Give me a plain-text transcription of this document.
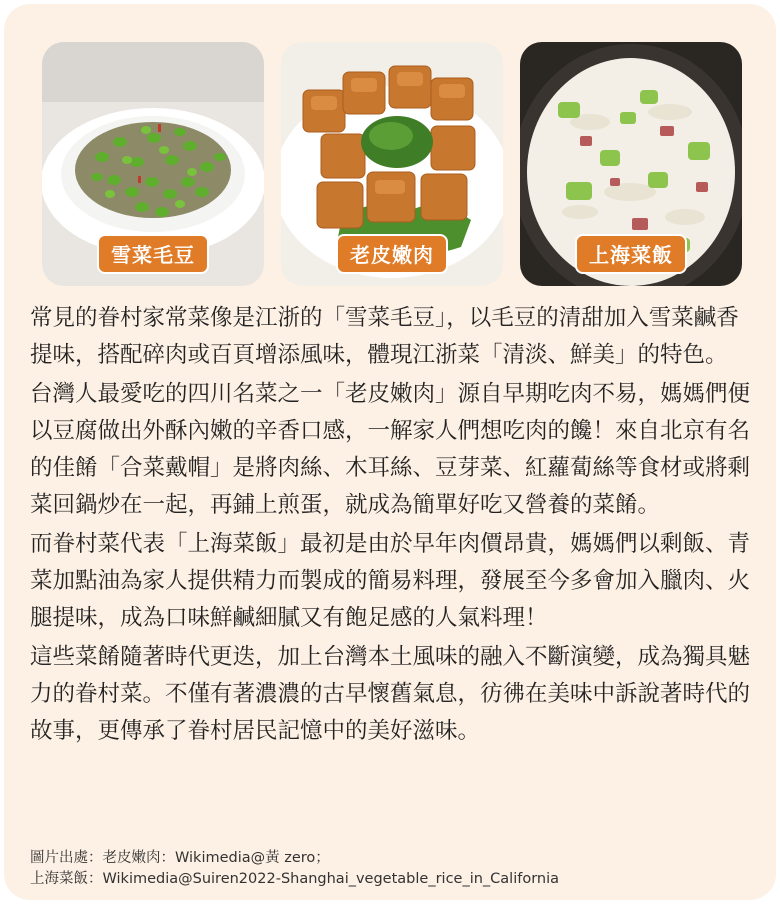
雪菜毛豆	老皮嫩肉	上海菜飯

常見的眷村家常菜像是江浙的「雪菜毛豆」，以毛豆的清甜加入雪菜鹹香提味，搭配碎肉或百頁增添風味，體現江浙菜「清淡、鮮美」的特色。

台灣人最愛吃的四川名菜之一「老皮嫩肉」源自早期吃肉不易，媽媽們便以豆腐做出外酥內嫩的辛香口感，一解家人們想吃肉的饞！來自北京有名的佳餚「合菜戴帽」是將肉絲、木耳絲、豆芽菜、紅蘿蔔絲等食材或將剩菜回鍋炒在一起，再鋪上煎蛋，就成為簡單好吃又營養的菜餚。

而眷村菜代表「上海菜飯」最初是由於早年肉價昂貴，媽媽們以剩飯、青菜加點油為家人提供精力而製成的簡易料理，發展至今多會加入臘肉、火腿提味，成為口味鮮鹹細膩又有飽足感的人氣料理！

這些菜餚隨著時代更迭，加上台灣本土風味的融入不斷演變，成為獨具魅力的眷村菜。不僅有著濃濃的古早懷舊氣息，彷彿在美味中訴說著時代的故事，更傳承了眷村居民記憶中的美好滋味。

圖片出處：老皮嫩肉：Wikimedia@黃 zero；
上海菜飯：Wikimedia@Suiren2022-Shanghai_vegetable_rice_in_California
